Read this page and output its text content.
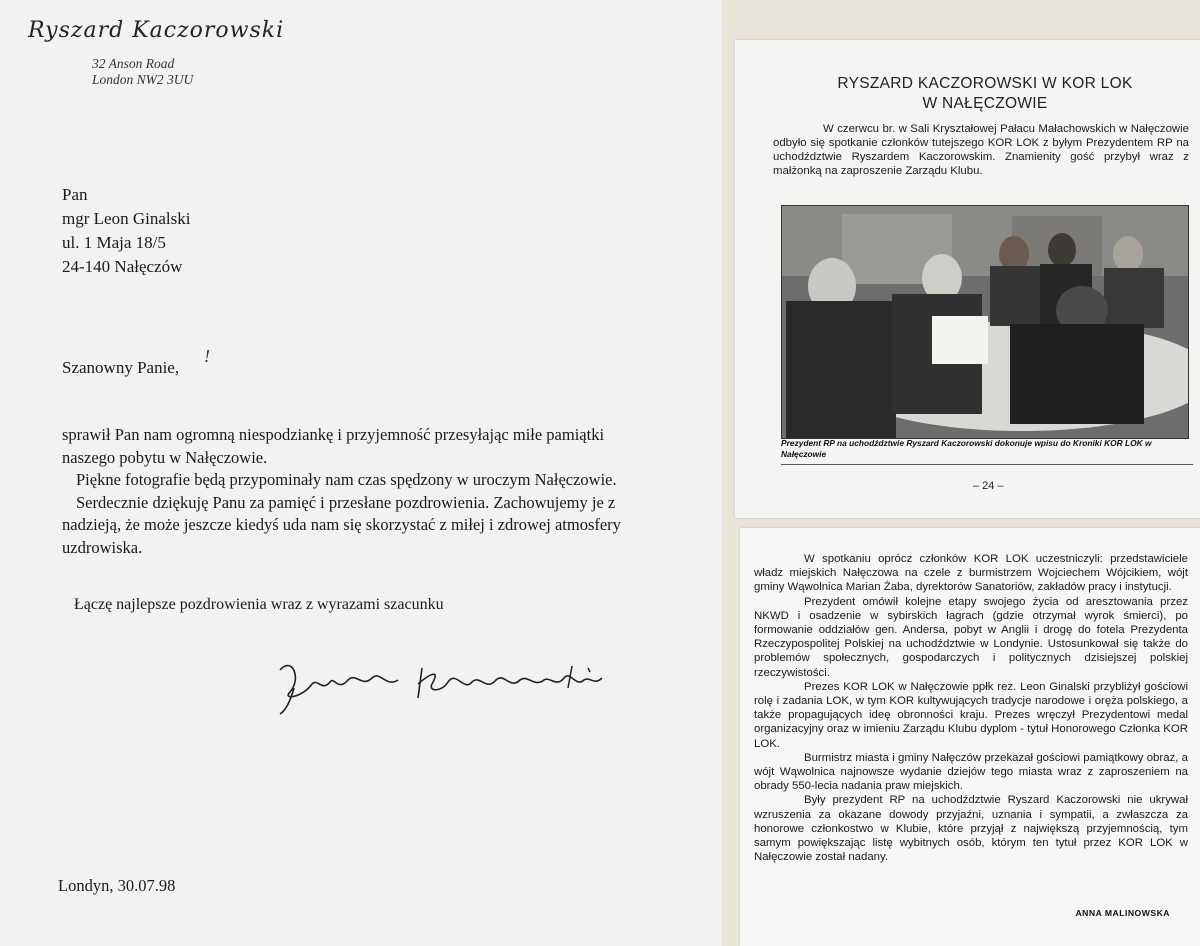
Ryszard Kaczorowski
32 Anson Road
London NW2 3UU
Pan
mgr Leon Ginalski
ul. 1 Maja 18/5
24-140 Nałęczów
Szanowny Panie,
!

sprawił Pan nam ogromną niespodziankę i przyjemność przesyłając miłe pamiątki naszego pobytu w Nałęczowie.

Piękne fotografie będą przypominały nam czas spędzony w uroczym Nałęczowie.

Serdecznie dziękuję Panu za pamięć i przesłane pozdrowienia. Zachowujemy je z nadzieją, że może jeszcze kiedyś uda nam się skorzystać z miłej i zdrowej atmosfery uzdrowiska.

Łączę najlepsze pozdrowienia wraz z wyrazami szacunku
Londyn, 30.07.98
RYSZARD KACZOROWSKI W KOR LOK
W NAŁĘCZOWIE
W czerwcu br. w Sali Kryształowej Pałacu Małachowskich w Nałęczowie odbyło się spotkanie członków tutejszego KOR LOK z byłym Prezydentem RP na uchodźdztwie Ryszardem Kaczorowskim. Znamienity gość przybył wraz z małżonką na zaproszenie Zarządu Klubu.
Prezydent RP na uchodźdztwie Ryszard Kaczorowski dokonuje wpisu do Kroniki KOR LOK w Nałęczowie
– 24 –

W spotkaniu oprócz członków KOR LOK uczestniczyli: przedstawiciele władz miejskich Nałęczowa na czele z burmistrzem Wojciechem Wójcikiem, wójt gminy Wąwolnica Marian Żaba, dyrektorów Sanatoriów, zakładów pracy i instytucji.

Prezydent omówił kolejne etapy swojego życia od aresztowania przez NKWD i osadzenie w sybirskich łagrach (gdzie otrzymał wyrok śmierci), po formowanie oddziałów gen. Andersa, pobyt w Anglii i drogę do fotela Prezydenta Rzeczypospolitej Polskiej na uchodźdztwie w Londynie. Ustosunkował się także do problemów społecznych, gospodarczych i politycznych dzisiejszej polskiej rzeczywistości.

Prezes KOR LOK w Nałęczowie ppłk rez. Leon Ginalski przybliżył gościowi rolę i zadania LOK, w tym KOR kultywujących tradycje narodowe i oręża polskiego, a także propagujących ideę obronności kraju. Prezes wręczył Prezydentowi medal organizacyjny oraz w imieniu Zarządu Klubu dyplom - tytuł Honorowego Członka KOR LOK.

Burmistrz miasta i gminy Nałęczów przekazał gościowi pamiątkowy obraz, a wójt Wąwolnica najnowsze wydanie dziejów tego miasta wraz z zaproszeniem na obrady 550-lecia nadania praw miejskich.

Były prezydent RP na uchodźdztwie Ryszard Kaczorowski nie ukrywał wzruszenia za okazane dowody przyjaźni, uznania i sympatii, a zwłaszcza za honorowe członkostwo w Klubie, które przyjął z największą przyjemnością, tym samym powiększając listę wybitnych osób, którym ten tytuł przez KOR LOK w Nałęczowie został nadany.

ANNA MALINOWSKA
